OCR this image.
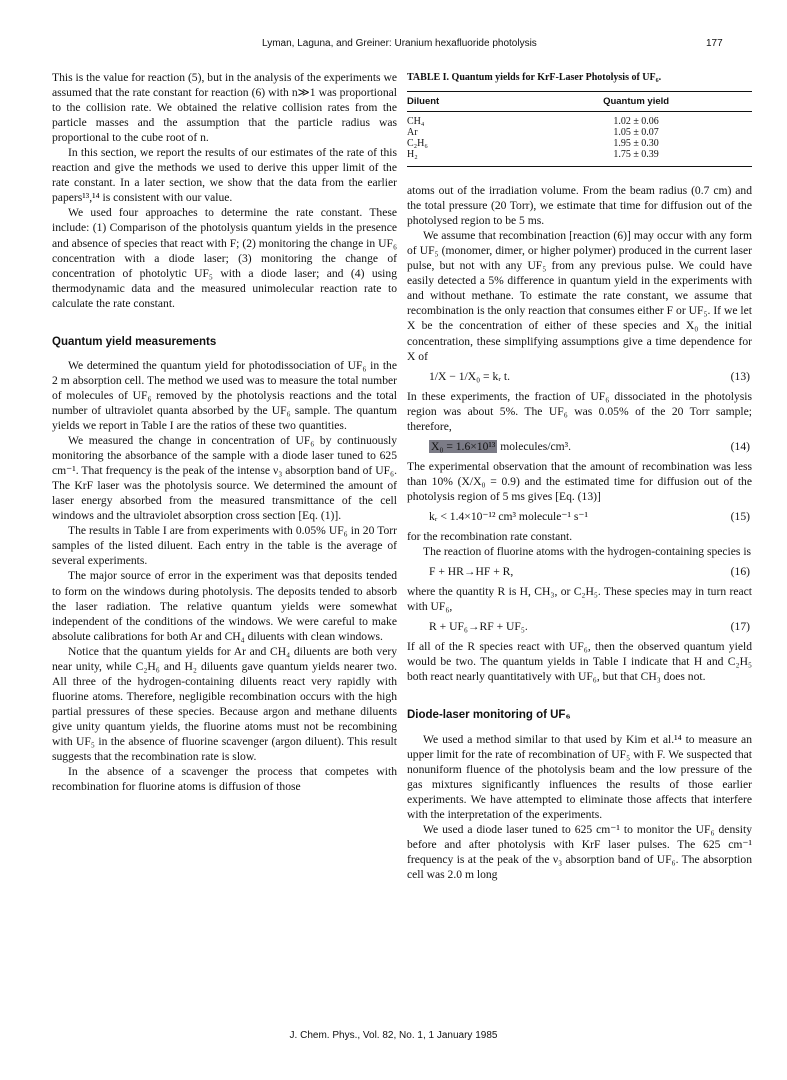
Lyman, Laguna, and Greiner: Uranium hexafluoride photolysis	177

This is the value for reaction (5), but in the analysis of the experiments we assumed that the rate constant for reaction (6) with n≫1 was proportional to the collision rate. We obtained the relative collision rates from the particle masses and the assumption that the particle radius was proportional to the cube root of n.

In this section, we report the results of our estimates of the rate of this reaction and give the methods we used to derive this upper limit of the rate constant. In a later section, we show that the data from the earlier papers¹³,¹⁴ is consistent with our value.

We used four approaches to determine the rate constant. These include: (1) Comparison of the photolysis quantum yields in the presence and absence of species that react with F; (2) monitoring the change in UF₆ concentration with a diode laser; (3) monitoring the change of concentration of photolytic UF₅ with a diode laser; and (4) using thermodynamic data and the measured unimolecular reaction rate to calculate the rate constant.

Quantum yield measurements

We determined the quantum yield for photodissociation of UF₆ in the 2 m absorption cell. The method we used was to measure the total number of molecules of UF₆ removed by the photolysis reactions and the total number of ultraviolet quanta absorbed by the UF₆ sample. The quantum yields we report in Table I are the ratios of these two quantities.

We measured the change in concentration of UF₆ by continuously monitoring the absorbance of the sample with a diode laser tuned to 625 cm⁻¹. That frequency is the peak of the intense ν₃ absorption band of UF₆. The KrF laser was the photolysis source. We determined the amount of laser energy absorbed from the measured transmittance of the cell windows and the ultraviolet absorption cross section [Eq. (1)].

The results in Table I are from experiments with 0.05% UF₆ in 20 Torr samples of the listed diluent. Each entry in the table is the average of several experiments.

The major source of error in the experiment was that deposits tended to form on the windows during photolysis. The deposits tended to absorb the laser radiation. The relative quantum yields were somewhat independent of the conditions of the windows. We were careful to make absolute calibrations for both Ar and CH₄ diluents with clean windows.

Notice that the quantum yields for Ar and CH₄ diluents are both very near unity, while C₂H₆ and H₂ diluents gave quantum yields nearer two. All three of the hydrogen-containing diluents react very rapidly with fluorine atoms. Therefore, negligible recombination occurs with the high partial pressures of these species. Because argon and methane diluents give unity quantum yields, the fluorine atoms must not be recombining with UF₅ in the absence of fluorine scavenger (argon diluent). This result suggests that the recombination rate is slow.

In the absence of a scavenger the process that competes with recombination for fluorine atoms is diffusion of those

TABLE I. Quantum yields for KrF-Laser Photolysis of UF₆.
Diluent	Quantum yield
CH₄	1.02 ± 0.06
Ar	1.05 ± 0.07
C₂H₆	1.95 ± 0.30
H₂	1.75 ± 0.39

atoms out of the irradiation volume. From the beam radius (0.7 cm) and the total pressure (20 Torr), we estimate that time for diffusion out of the photolysed region to be 5 ms.

We assume that recombination [reaction (6)] may occur with any form of UF₅ (monomer, dimer, or higher polymer) produced in the current laser pulse, but not with any UF₅ from any previous pulse. We could have easily detected a 5% difference in quantum yield in the experiments with and without methane. To estimate the rate constant, we assume that recombination is the only reaction that consumes either F or UF₅. If we let X be the concentration of either of these species and X₀ the initial concentration, these simplifying assumptions give a time dependence for X of

1/X − 1/X₀ = kᵣ t.	(13)

In these experiments, the fraction of UF₆ dissociated in the photolysis region was about 5%. The UF₆ was 0.05% of the 20 Torr sample; therefore,

X₀ = 1.6×10¹³ molecules/cm³.	(14)

The experimental observation that the amount of recombination was less than 10% (X/X₀ = 0.9) and the estimated time for diffusion out of the photolysis region of 5 ms gives [Eq. (13)]

kᵣ < 1.4×10⁻¹² cm³ molecule⁻¹ s⁻¹	(15)

for the recombination rate constant.

The reaction of fluorine atoms with the hydrogen-containing species is

F + HR→HF + R,	(16)

where the quantity R is H, CH₃, or C₂H₅. These species may in turn react with UF₆,

R + UF₆→RF + UF₅.	(17)

If all of the R species react with UF₆, then the observed quantum yield would be two. The quantum yields in Table I indicate that H and C₂H₅ both react nearly quantitatively with UF₆, but that CH₃ does not.

Diode-laser monitoring of UF₆

We used a method similar to that used by Kim et al.¹⁴ to measure an upper limit for the rate of recombination of UF₅ with F. We suspected that nonuniform fluence of the photolysis beam and the low pressure of the gas mixtures significantly influences the results of those earlier experiments. We have attempted to eliminate those affects that interfere with the interpretation of the experiments.

We used a diode laser tuned to 625 cm⁻¹ to monitor the UF₆ density before and after photolysis with KrF laser pulses. The 625 cm⁻¹ frequency is at the peak of the ν₃ absorption band of UF₆. The absorption cell was 2.0 m long

J. Chem. Phys., Vol. 82, No. 1, 1 January 1985
